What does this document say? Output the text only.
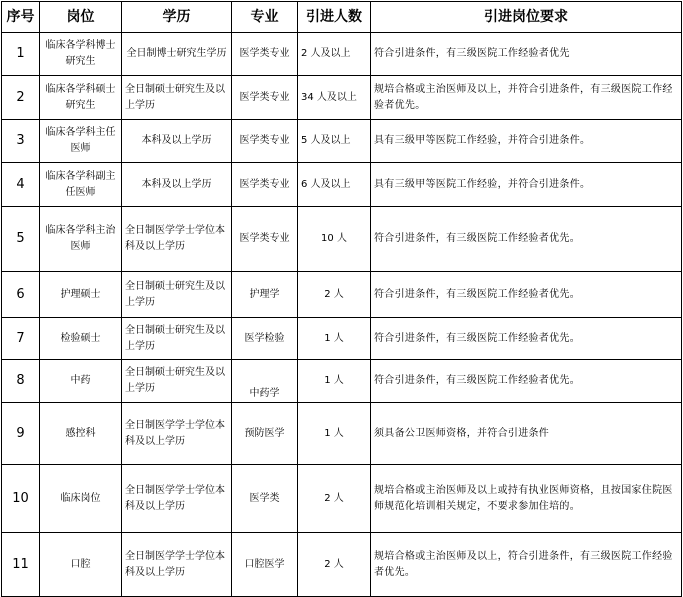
序号	岗位	学历	专业	引进人数	引进岗位要求
1	临床各学科博士研究生	全日制博士研究生学历	医学类专业	2 人及以上	符合引进条件，有三级医院工作经验者优先
2	临床各学科硕士研究生	全日制硕士研究生及以上学历	医学类专业	34 人及以上	规培合格或主治医师及以上，并符合引进条件，有三级医院工作经验者优先。
3	临床各学科主任医师	本科及以上学历	医学类专业	5 人及以上	具有三级甲等医院工作经验，并符合引进条件。
4	临床各学科副主任医师	本科及以上学历	医学类专业	6 人及以上	具有三级甲等医院工作经验，并符合引进条件。
5	临床各学科主治医师	全日制医学学士学位本科及以上学历	医学类专业	10 人	符合引进条件，有三级医院工作经验者优先。
6	护理硕士	全日制硕士研究生及以上学历	护理学	2 人	符合引进条件，有三级医院工作经验者优先。
7	检验硕士	全日制硕士研究生及以上学历	医学检验	1 人	符合引进条件，有三级医院工作经验者优先。
8	中药	全日制硕士研究生及以上学历	中药学	1 人	符合引进条件，有三级医院工作经验者优先。
9	感控科	全日制医学学士学位本科及以上学历	预防医学	1 人	须具备公卫医师资格，并符合引进条件
10	临床岗位	全日制医学学士学位本科及以上学历	医学类	2 人	规培合格或主治医师及以上或持有执业医师资格，且按国家住院医师规范化培训相关规定，不要求参加住培的。
11	口腔	全日制医学学士学位本科及以上学历	口腔医学	2 人	规培合格或主治医师及以上，符合引进条件，有三级医院工作经验者优先。
